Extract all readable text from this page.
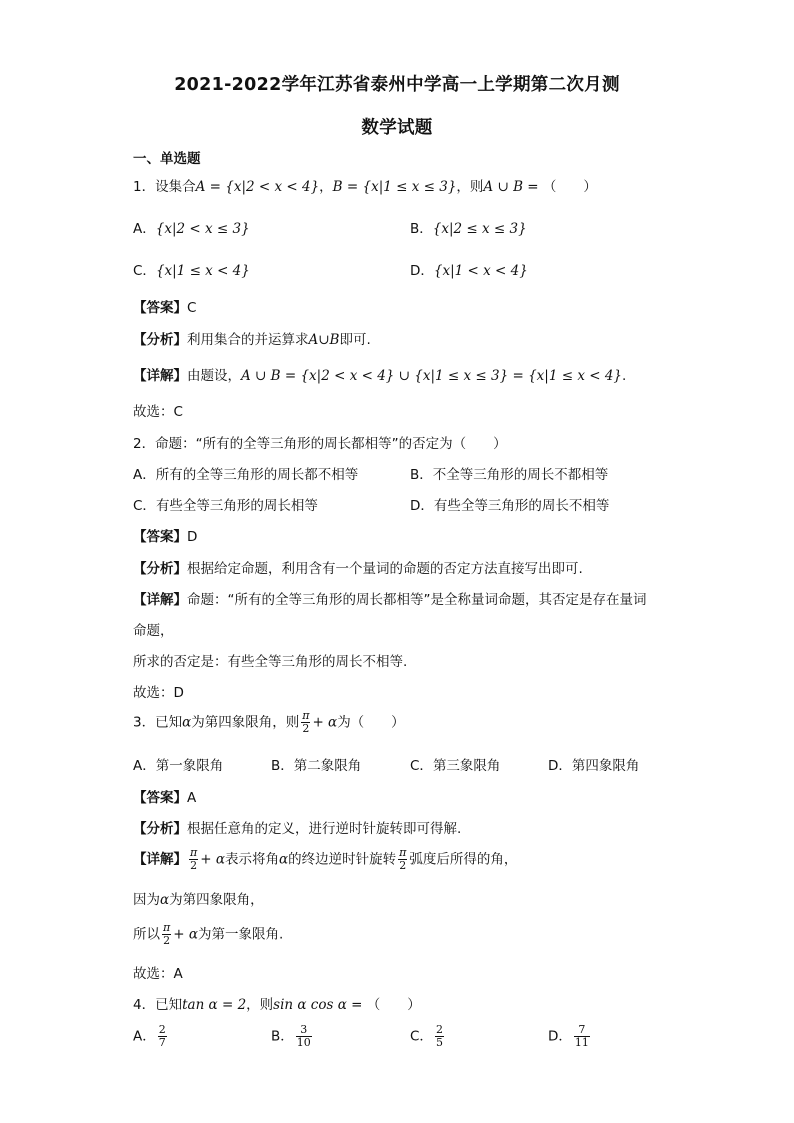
2021-2022学年江苏省泰州中学高一上学期第二次月测
数学试题
一、单选题
1．设集合A = {x|2 < x < 4}，B = {x|1 ≤ x ≤ 3}，则A ∪ B = （　　）
A．{x|2 < x ≤ 3}	B．{x|2 ≤ x ≤ 3}
C．{x|1 ≤ x < 4}	D．{x|1 < x < 4}
【答案】C
【分析】利用集合的并运算求A∪B即可.
【详解】由题设，A ∪ B = {x|2 < x < 4} ∪ {x|1 ≤ x ≤ 3} = {x|1 ≤ x < 4}.
故选：C
2．命题：“所有的全等三角形的周长都相等”的否定为（　　）
A．所有的全等三角形的周长都不相等	B．不全等三角形的周长不都相等
C．有些全等三角形的周长相等	D．有些全等三角形的周长不相等
【答案】D
【分析】根据给定命题，利用含有一个量词的命题的否定方法直接写出即可.
【详解】命题：“所有的全等三角形的周长都相等”是全称量词命题，其否定是存在量词
命题，
所求的否定是：有些全等三角形的周长不相等.
故选：D
3．已知α为第四象限角，则 $\frac{\pi}{2} + \alpha$为（　　）
A．第一象限角	B．第二象限角	C．第三象限角	D．第四象限角
【答案】A
【分析】根据任意角的定义，进行逆时针旋转即可得解.
【详解】 $\frac{\pi}{2} + \alpha$表示将角α的终边逆时针旋转 $\frac{\pi}{2}$ 弧度后所得的角，
因为α为第四象限角，
所以 $\frac{\pi}{2} + \alpha$为第一象限角.
故选：A
4．已知tan α = 2，则sin α cos α = （　　）
A． $\frac{2}{7}$	B． $\frac{3}{10}$	C． $\frac{2}{5}$	D． $\frac{7}{11}$
